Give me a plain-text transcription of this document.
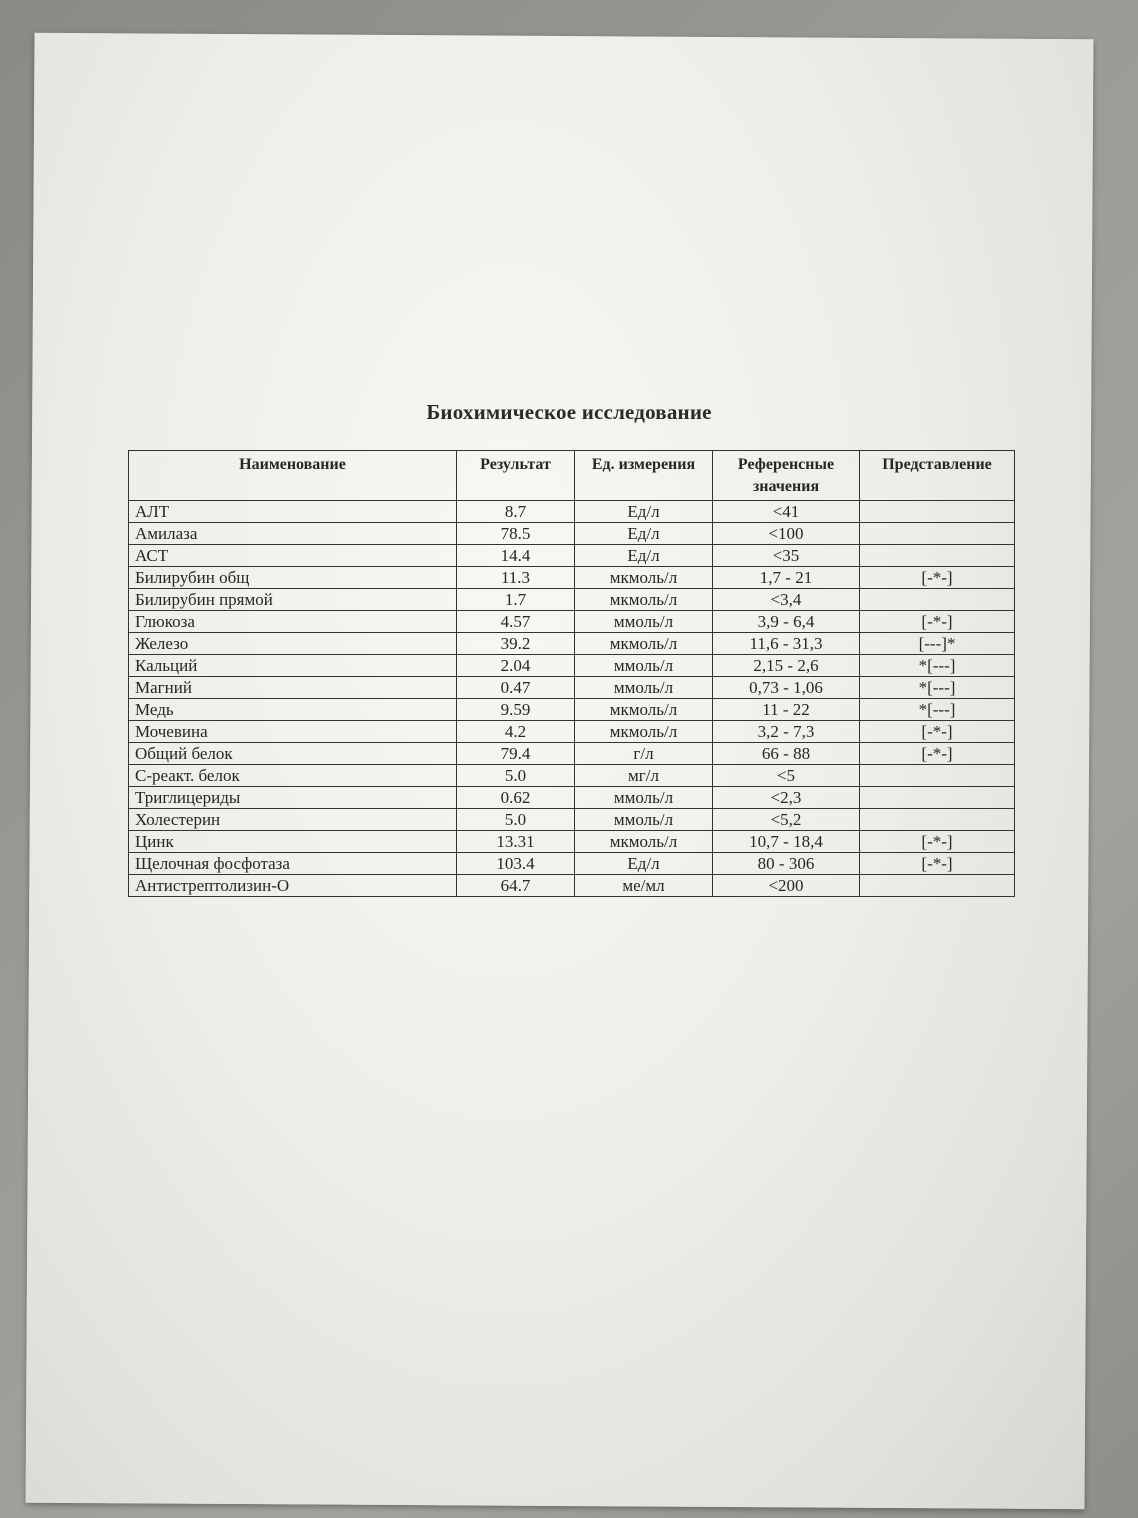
Биохимическое исследование
Наименование	Результат	Ед. измерения	Референсные значения	Представление
АЛТ	8.7	Ед/л	<41	
Амилаза	78.5	Ед/л	<100	
АСТ	14.4	Ед/л	<35	
Билирубин общ	11.3	мкмоль/л	1,7 - 21	[-*-]
Билирубин прямой	1.7	мкмоль/л	<3,4	
Глюкоза	4.57	ммоль/л	3,9 - 6,4	[-*-]
Железо	39.2	мкмоль/л	11,6 - 31,3	[---]*
Кальций	2.04	ммоль/л	2,15 - 2,6	*[---]
Магний	0.47	ммоль/л	0,73 - 1,06	*[---]
Медь	9.59	мкмоль/л	11 - 22	*[---]
Мочевина	4.2	мкмоль/л	3,2 - 7,3	[-*-]
Общий белок	79.4	г/л	66 - 88	[-*-]
С-реакт. белок	5.0	мг/л	<5	
Триглицериды	0.62	ммоль/л	<2,3	
Холестерин	5.0	ммоль/л	<5,2	
Цинк	13.31	мкмоль/л	10,7 - 18,4	[-*-]
Щелочная фосфотаза	103.4	Ед/л	80 - 306	[-*-]
Антистрептолизин-О	64.7	ме/мл	<200	
